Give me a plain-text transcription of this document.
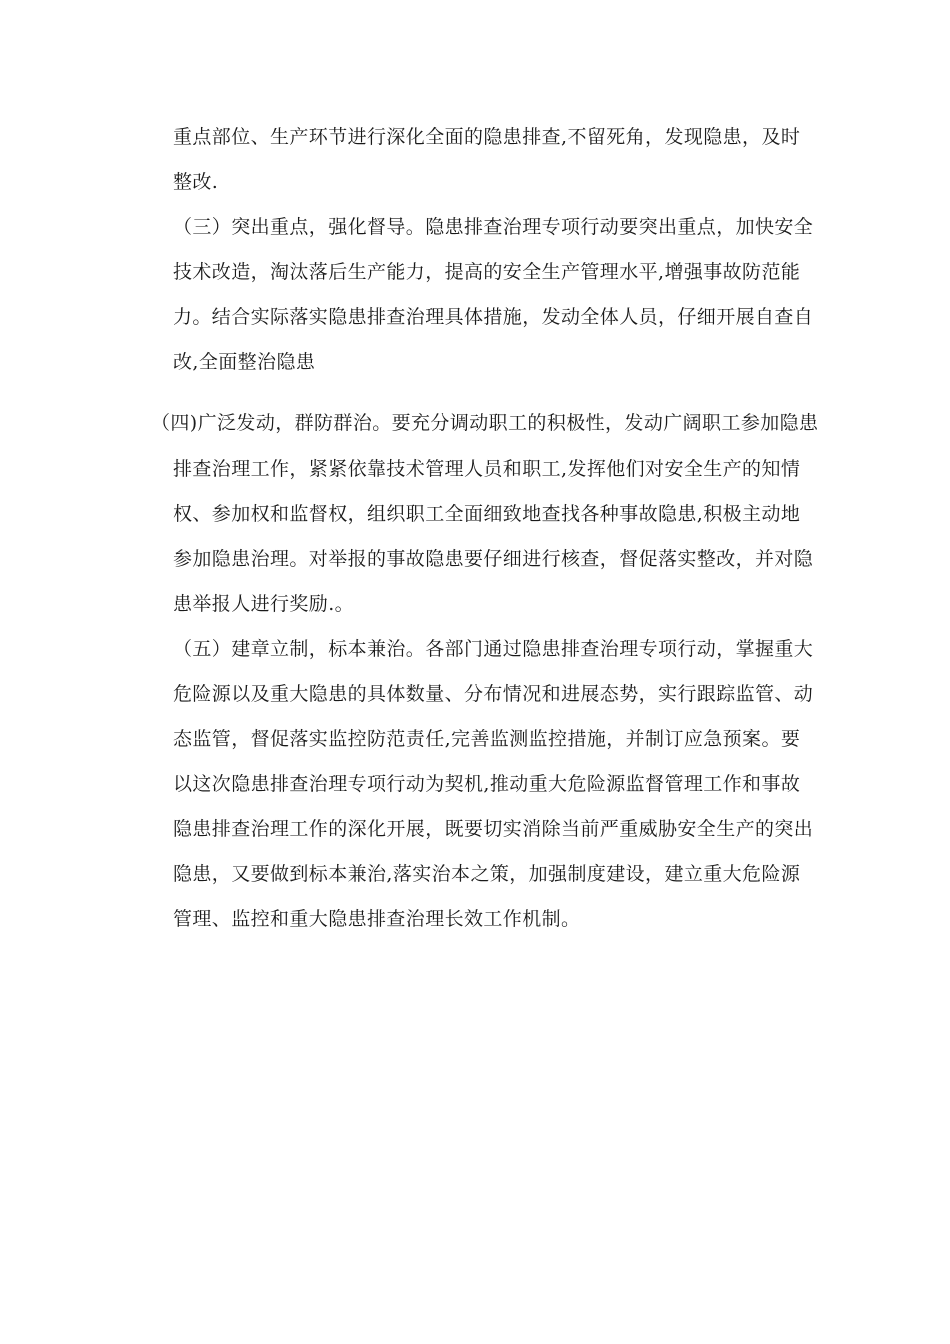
重点部位、生产环节进行深化全面的隐患排查,不留死角，发现隐患，及时
整改.
（三）突出重点，强化督导。隐患排查治理专项行动要突出重点，加快安全
技术改造，淘汰落后生产能力，提高的安全生产管理水平,增强事故防范能
力。结合实际落实隐患排查治理具体措施，发动全体人员，仔细开展自查自
改,全面整治隐患
（四)广泛发动，群防群治。要充分调动职工的积极性，发动广阔职工参加隐患
排查治理工作，紧紧依靠技术管理人员和职工,发挥他们对安全生产的知情
权、参加权和监督权，组织职工全面细致地查找各种事故隐患,积极主动地
参加隐患治理。对举报的事故隐患要仔细进行核查，督促落实整改，并对隐
患举报人进行奖励.。
（五）建章立制，标本兼治。各部门通过隐患排查治理专项行动，掌握重大
危险源以及重大隐患的具体数量、分布情况和进展态势，实行跟踪监管、动
态监管，督促落实监控防范责任,完善监测监控措施，并制订应急预案。要
以这次隐患排查治理专项行动为契机,推动重大危险源监督管理工作和事故
隐患排查治理工作的深化开展，既要切实消除当前严重威胁安全生产的突出
隐患，又要做到标本兼治,落实治本之策，加强制度建设，建立重大危险源
管理、监控和重大隐患排查治理长效工作机制。
